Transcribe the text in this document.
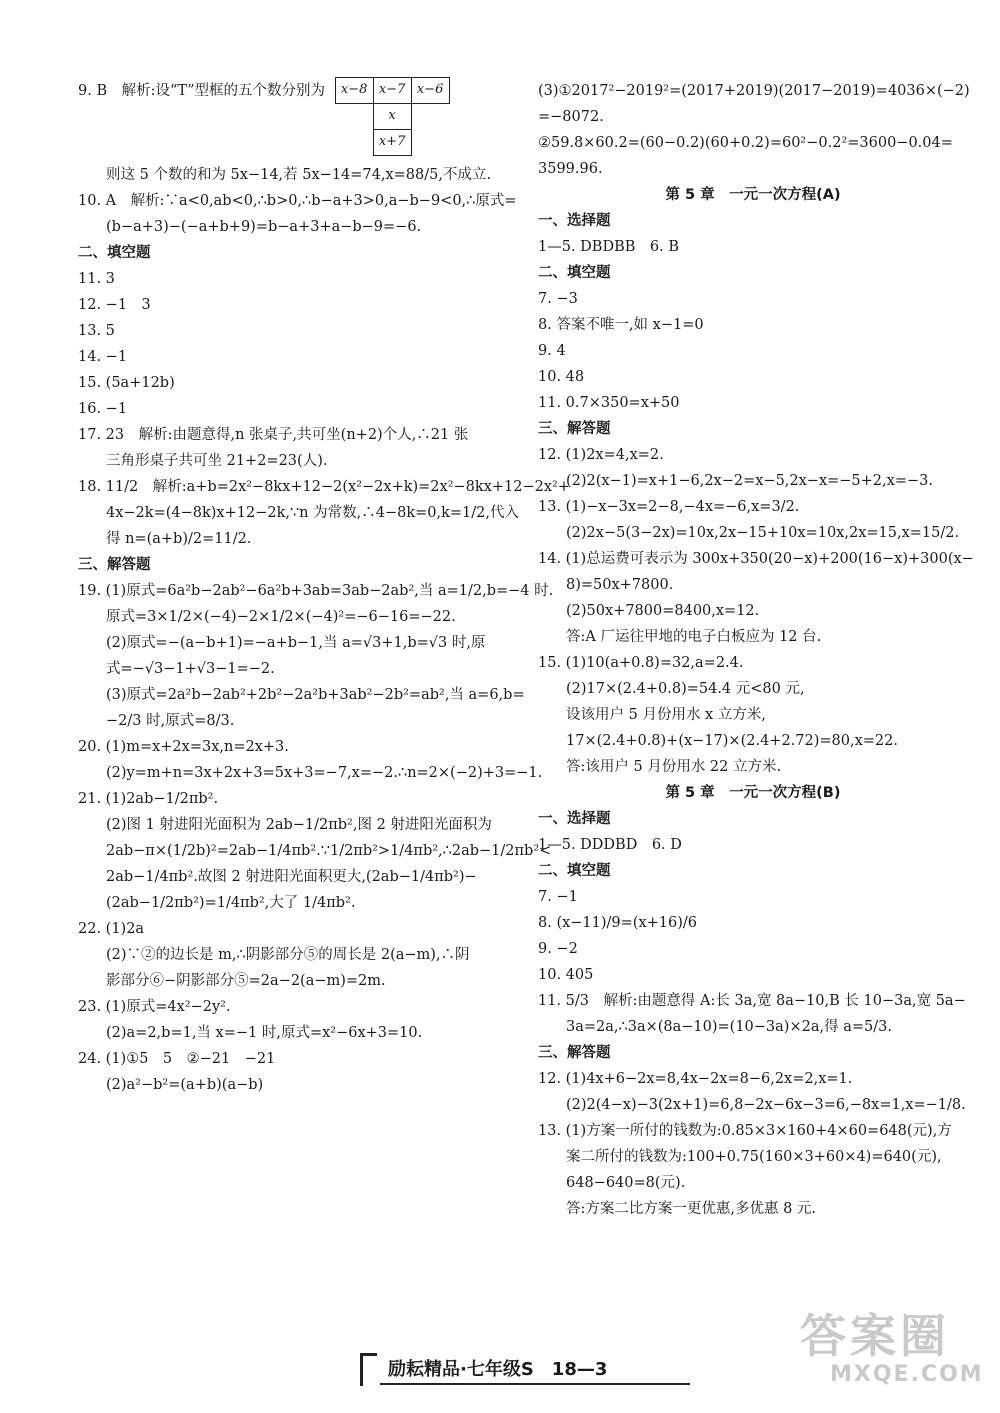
9. B　解析:设“T”型框的五个数分别为	x−8 x−7 x−6
x
x+7
则这 5 个数的和为 5x−14,若 5x−14=74,x=88/5,不成立.
10. A　解析:∵a<0,ab<0,∴b>0,∴b−a+3>0,a−b−9<0,∴原式=
(b−a+3)−(−a+b+9)=b−a+3+a−b−9=−6.
二、填空题
11. 3
12. −1　3
13. 5
14. −1
15. (5a+12b)
16. −1
17. 23　解析:由题意得,n 张桌子,共可坐(n+2)个人,∴21 张
三角形桌子共可坐 21+2=23(人).
18. 11/2　解析:a+b=2x²−8kx+12−2(x²−2x+k)=2x²−8kx+12−2x²+
4x−2k=(4−8k)x+12−2k,∵n 为常数,∴4−8k=0,k=1/2,代入
得 n=(a+b)/2=11/2.
三、解答题
19. (1)原式=6a²b−2ab²−6a²b+3ab=3ab−2ab²,当 a=1/2,b=−4 时.
原式=3×1/2×(−4)−2×1/2×(−4)²=−6−16=−22.
(2)原式=−(a−b+1)=−a+b−1,当 a=√3+1,b=√3 时,原
式=−√3−1+√3−1=−2.
(3)原式=2a²b−2ab²+2b²−2a²b+3ab²−2b²=ab²,当 a=6,b=
−2/3 时,原式=8/3.
20. (1)m=x+2x=3x,n=2x+3.
(2)y=m+n=3x+2x+3=5x+3=−7,x=−2.∴n=2×(−2)+3=−1.
21. (1)2ab−1/2πb².
(2)图 1 射进阳光面积为 2ab−1/2πb²,图 2 射进阳光面积为
2ab−π×(1/2b)²=2ab−1/4πb².∵1/2πb²>1/4πb²,∴2ab−1/2πb²<
2ab−1/4πb².故图 2 射进阳光面积更大,(2ab−1/4πb²)−
(2ab−1/2πb²)=1/4πb²,大了 1/4πb².
22. (1)2a
(2)∵②的边长是 m,∴阴影部分⑤的周长是 2(a−m),∴阴
影部分⑥−阴影部分⑤=2a−2(a−m)=2m.
23. (1)原式=4x²−2y².
(2)a=2,b=1,当 x=−1 时,原式=x²−6x+3=10.
24. (1)①5　5　②−21　−21
(2)a²−b²=(a+b)(a−b)
(3)①2017²−2019²=(2017+2019)(2017−2019)=4036×(−2)
=−8072.
②59.8×60.2=(60−0.2)(60+0.2)=60²−0.2²=3600−0.04=
3599.96.
第 5 章　一元一次方程(A)
一、选择题
1—5. DBDBB　6. B
二、填空题
7. −3
8. 答案不唯一,如 x−1=0
9. 4
10. 48
11. 0.7×350=x+50
三、解答题
12. (1)2x=4,x=2.
(2)2(x−1)=x+1−6,2x−2=x−5,2x−x=−5+2,x=−3.
13. (1)−x−3x=2−8,−4x=−6,x=3/2.
(2)2x−5(3−2x)=10x,2x−15+10x=10x,2x=15,x=15/2.
14. (1)总运费可表示为 300x+350(20−x)+200(16−x)+300(x−
8)=50x+7800.
(2)50x+7800=8400,x=12.
答:A 厂运往甲地的电子白板应为 12 台.
15. (1)10(a+0.8)=32,a=2.4.
(2)17×(2.4+0.8)=54.4 元<80 元,
设该用户 5 月份用水 x 立方米,
17×(2.4+0.8)+(x−17)×(2.4+2.72)=80,x=22.
答:该用户 5 月份用水 22 立方米.
第 5 章　一元一次方程(B)
一、选择题
1—5. DDDBD　6. D
二、填空题
7. −1
8. (x−11)/9=(x+16)/6
9. −2
10. 405
11. 5/3　解析:由题意得 A:长 3a,宽 8a−10,B 长 10−3a,宽 5a−
3a=2a,∴3a×(8a−10)=(10−3a)×2a,得 a=5/3.
三、解答题
12. (1)4x+6−2x=8,4x−2x=8−6,2x=2,x=1.
(2)2(4−x)−3(2x+1)=6,8−2x−6x−3=6,−8x=1,x=−1/8.
13. (1)方案一所付的钱数为:0.85×3×160+4×60=648(元),方
案二所付的钱数为:100+0.75(160×3+60×4)=640(元),
648−640=8(元).
答:方案二比方案一更优惠,多优惠 8 元.
励耘精品·七年级S　18—3
答案圈
MXQE.COM
